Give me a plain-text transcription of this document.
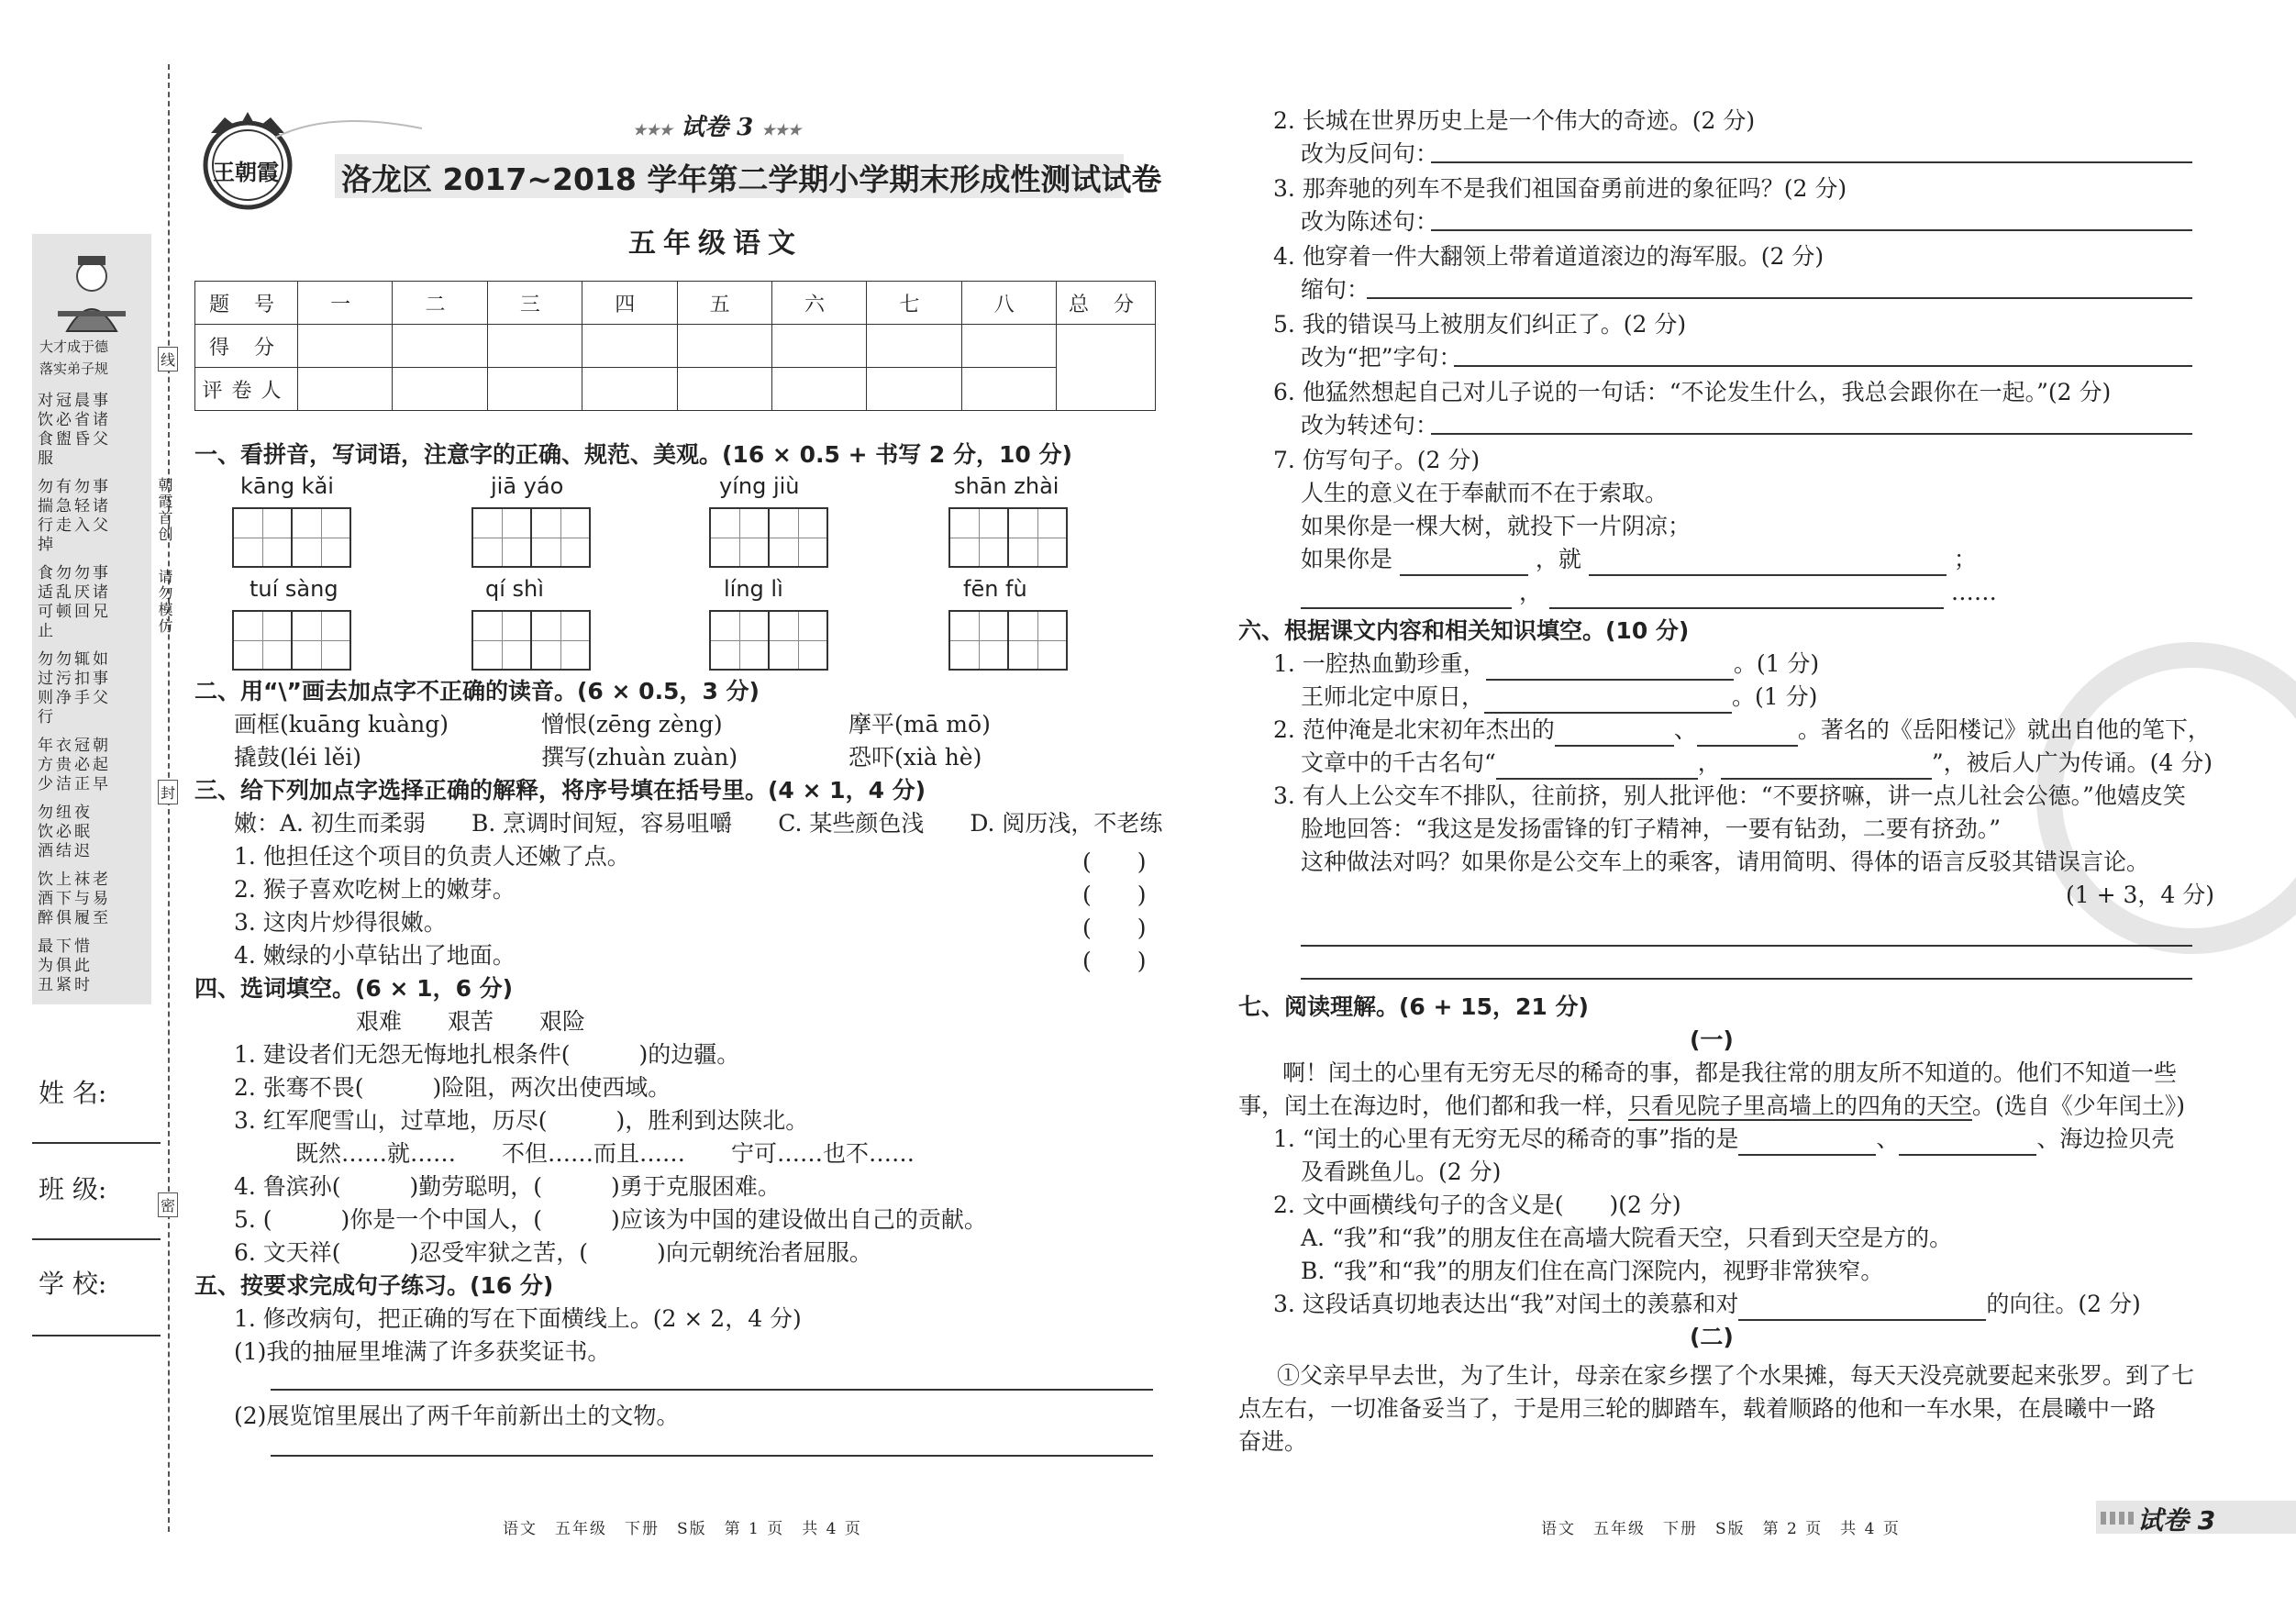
大才成于德
落实弟子规
对冠晨事
饮必省诸
食盥昏父
服
勿有勿事
揣急轻诸
行走入父
掉
食勿勿事
适乱厌诸
可顿回兄
止
勿勿辄如
过污扣事
则净手父
行
年衣冠朝
方贵必起
少洁正早
勿纽夜
饮必眠
酒结迟
饮上袜老
酒下与易
醉俱履至
最下惜
为俱此
丑紧时
朝霞首创
请勿模仿
线
封
密
姓 名:
班 级:
学 校:
王朝霞
★★★ 试卷 3 ★★★
洛龙区 2017~2018 学年第二学期小学期末形成性测试试卷
五年级语文
题 号	一	二	三	四	五	六	七	八	总 分
得 分									
评卷人									
一、看拼音，写词语，注意字的正确、规范、美观。(16 × 0.5 + 书写 2 分，10 分)
kāng kǎi	jiā yáo	yíng jiù	shān zhài
tuí sàng	qí shì	líng lì	fēn fù
二、用“\”画去加点字不正确的读音。(6 × 0.5，3 分)
画框(kuāng kuàng)	憎恨(zēng zèng)	摩平(mā mō)
撬鼓(léi lěi)	撰写(zhuàn zuàn)	恐吓(xià hè)
三、给下列加点字选择正确的解释，将序号填在括号里。(4 × 1，4 分)
嫩：A. 初生而柔弱　　B. 烹调时间短，容易咀嚼　　C. 某些颜色浅　　D. 阅历浅，不老练
1. 他担任这个项目的负责人还嫩了点。	(　　)
2. 猴子喜欢吃树上的嫩芽。	(　　)
3. 这肉片炒得很嫩。	(　　)
4. 嫩绿的小草钻出了地面。	(　　)
四、选词填空。(6 × 1，6 分)
艰难　　艰苦　　艰险
1. 建设者们无怨无悔地扎根条件(　　　)的边疆。
2. 张骞不畏(　　　)险阻，两次出使西域。
3. 红军爬雪山，过草地，历尽(　　　)，胜利到达陕北。
既然……就……　　不但……而且……　　宁可……也不……
4. 鲁滨孙(　　　)勤劳聪明，(　　　)勇于克服困难。
5. (　　　)你是一个中国人，(　　　)应该为中国的建设做出自己的贡献。
6. 文天祥(　　　)忍受牢狱之苦，(　　　)向元朝统治者屈服。
五、按要求完成句子练习。(16 分)
1. 修改病句，把正确的写在下面横线上。(2 × 2，4 分)
(1)我的抽屉里堆满了许多获奖证书。
(2)展览馆里展出了两千年前新出土的文物。
语文　五年级　下册　S版　第 1 页　共 4 页
2. 长城在世界历史上是一个伟大的奇迹。(2 分)
改为反问句：
3. 那奔驰的列车不是我们祖国奋勇前进的象征吗？(2 分)
改为陈述句：
4. 他穿着一件大翻领上带着道道滚边的海军服。(2 分)
缩句：
5. 我的错误马上被朋友们纠正了。(2 分)
改为“把”字句：
6. 他猛然想起自己对儿子说的一句话：“不论发生什么，我总会跟你在一起。”(2 分)
改为转述句：
7. 仿写句子。(2 分)
人生的意义在于奉献而不在于索取。
如果你是一棵大树，就投下一片阴凉；
如果你是	，就	；
，	……
六、根据课文内容和相关知识填空。(10 分)
1. 一腔热血勤珍重，	。(1 分)
王师北定中原日，	。(1 分)
2. 范仲淹是北宋初年杰出的	、	。著名的《岳阳楼记》就出自他的笔下，
文章中的千古名句“	，	”，被后人广为传诵。(4 分)
3. 有人上公交车不排队，往前挤，别人批评他：“不要挤嘛，讲一点儿社会公德。”他嬉皮笑
脸地回答：“我这是发扬雷锋的钉子精神，一要有钻劲，二要有挤劲。”
这种做法对吗？如果你是公交车上的乘客，请用简明、得体的语言反驳其错误言论。
(1 + 3，4 分)
七、阅读理解。(6 + 15，21 分)
(一)
啊！闰土的心里有无穷无尽的稀奇的事，都是我往常的朋友所不知道的。他们不知道一些
事，闰土在海边时，他们都和我一样，只看见院子里高墙上的四角的天空。(选自《少年闰土》)
1. “闰土的心里有无穷无尽的稀奇的事”指的是	、	、海边捡贝壳
及看跳鱼儿。(2 分)
2. 文中画横线句子的含义是(　　)(2 分)
A. “我”和“我”的朋友住在高墙大院看天空，只看到天空是方的。
B. “我”和“我”的朋友们住在高门深院内，视野非常狭窄。
3. 这段话真切地表达出“我”对闰土的羡慕和对	的向往。(2 分)
(二)
①父亲早早去世，为了生计，母亲在家乡摆了个水果摊，每天天没亮就要起来张罗。到了七
点左右，一切准备妥当了，于是用三轮的脚踏车，载着顺路的他和一车水果，在晨曦中一路
奋进。
语文　五年级　下册　S版　第 2 页　共 4 页	试卷 3
